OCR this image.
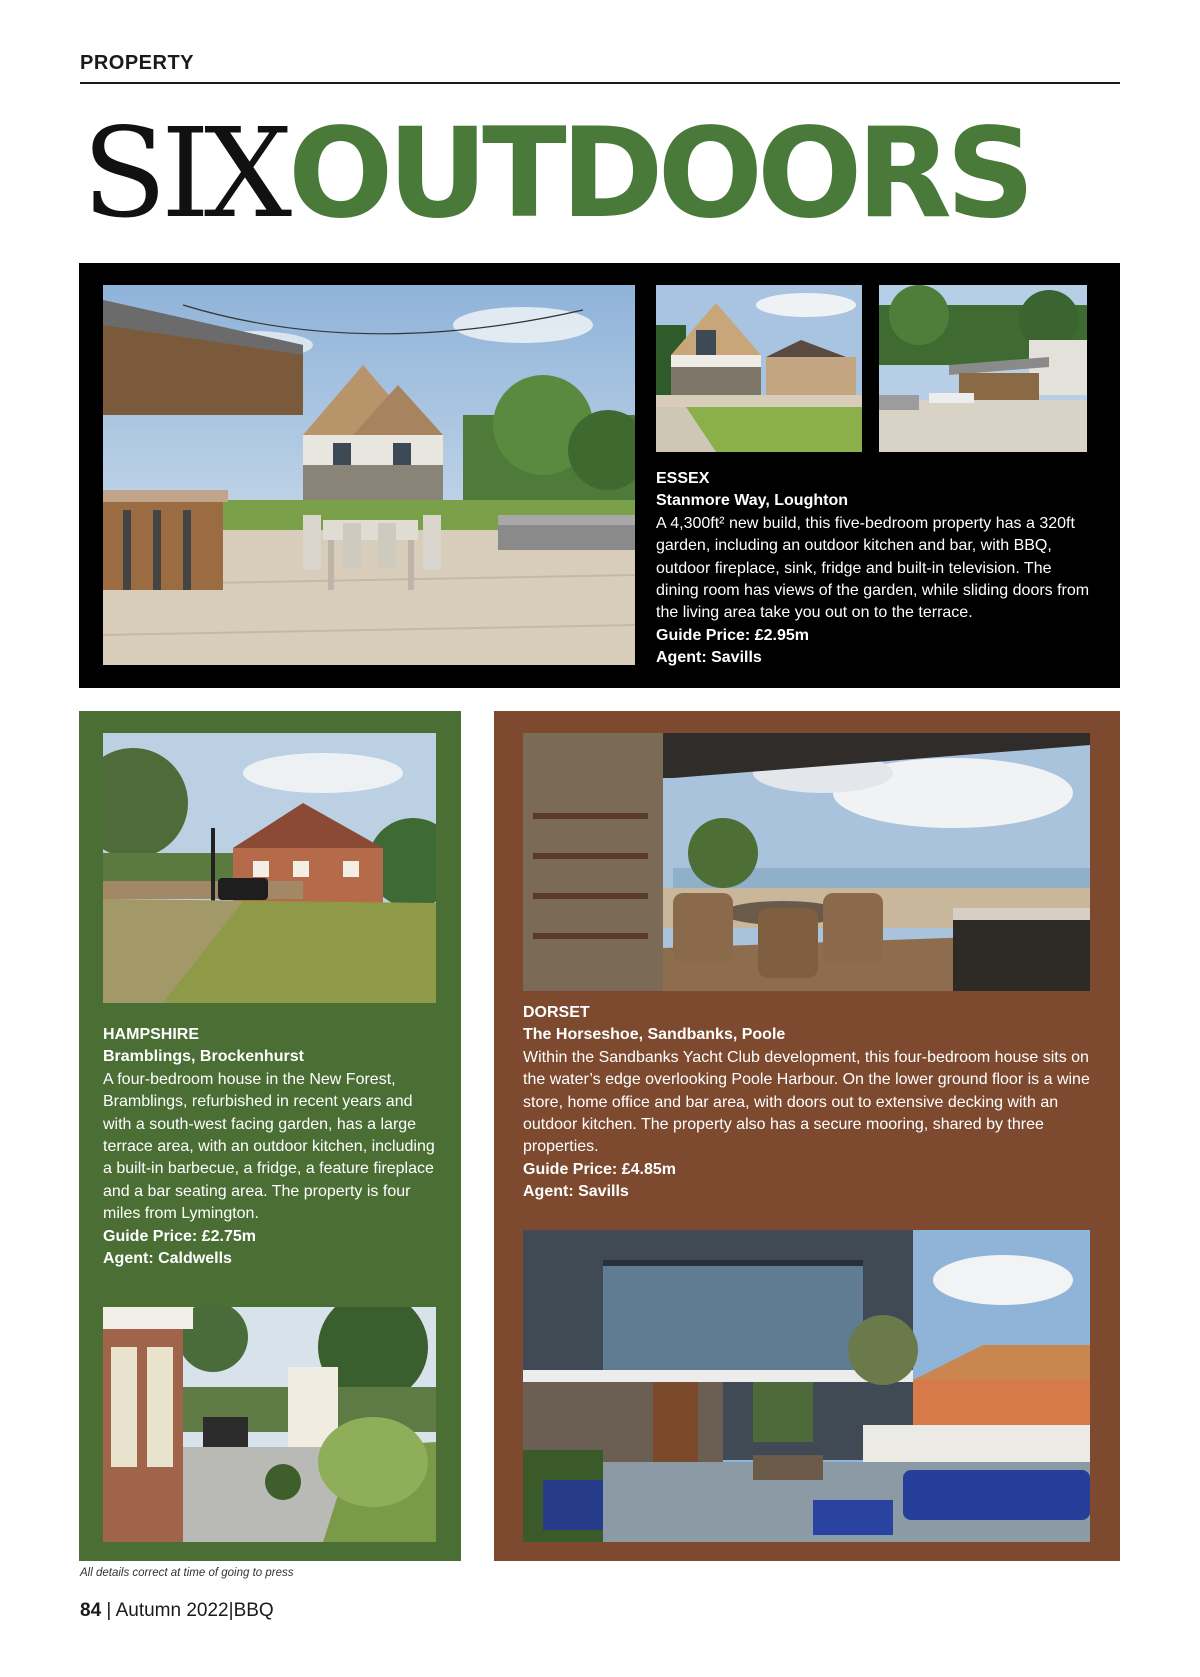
PROPERTY
SIX OUTDOORS
ESSEX
Stanmore Way, Loughton
A 4,300ft² new build, this five-bedroom property has a 320ft garden, including an outdoor kitchen and bar, with BBQ, outdoor fireplace, sink, fridge and built-in television. The dining room has views of the garden, while sliding doors from the living area take you out on to the terrace.
Guide Price: £2.95m
Agent: Savills
HAMPSHIRE
Bramblings, Brockenhurst
A four-bedroom house in the New Forest, Bramblings, refurbished in recent years and with a south-west facing garden, has a large terrace area, with an outdoor kitchen, including a built-in barbecue, a fridge, a feature fireplace and a bar seating area. The property is four miles from Lymington.
Guide Price: £2.75m
Agent: Caldwells
DORSET
The Horseshoe, Sandbanks, Poole
Within the Sandbanks Yacht Club development, this four-bedroom house sits on the water’s edge overlooking Poole Harbour. On the lower ground floor is a wine store, home office and bar area, with doors out to extensive decking with an outdoor kitchen. The property also has a secure mooring, shared by three properties.
Guide Price: £4.85m
Agent: Savills
All details correct at time of going to press
84 | Autumn 2022|BBQ
